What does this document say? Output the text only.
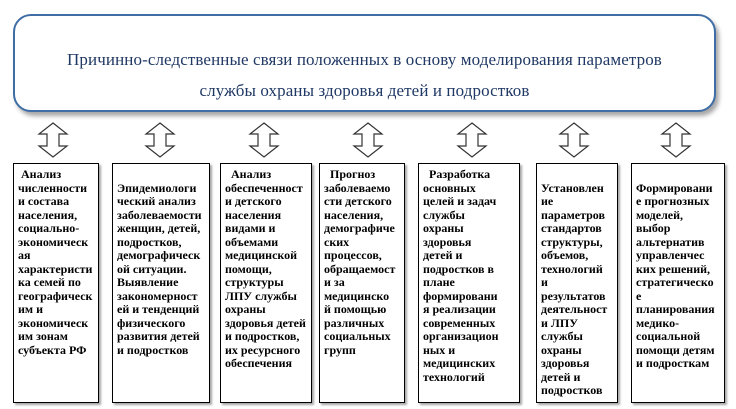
Причинно-следственные связи положенных в основу моделирования параметров
службы охраны здоровья детей и подростков
Анализ
численности
и состава
населения,
социально-
экономическ
ая
характеристи
ка семей по
географическ
им и
экономическ
им зонам
субъекта РФ

Эпидемиологи
ческий анализ
заболеваемости
женщин, детей,
подростков,
демографическ
ой ситуации.
Выявление
закономерност
ей и тенденций
физического
развития детей
и подростков
Анализ
обеспеченност
и детского
населения
видами и
объемами
медицинской
помощи,
структуры
ЛПУ службы
охраны
здоровья детей
и подростков,
их ресурсного
обеспечения
Прогноз
заболеваемо
сти детского
населения,
демографиче
ских
процессов,
обращаемост
и за
медицинско
й помощью
различных
социальных
групп
Разработка
основных
целей и задач
службы
охраны
здоровья
детей и
подростков в
плане
формировани
я реализации
современных
организацион
ных и
медицинских
технологий

Установлен
ие
параметров
стандартов
структуры,
объемов,
технологий
и
результатов
деятельност
и ЛПУ
службы
охраны
здоровья
детей и
подростков

Формировани
е прогнозных
моделей,
выбор
альтернатив
управленчес
ких решений,
стратегическо
е
планирования
медико-
социальной
помощи детям
и подросткам
